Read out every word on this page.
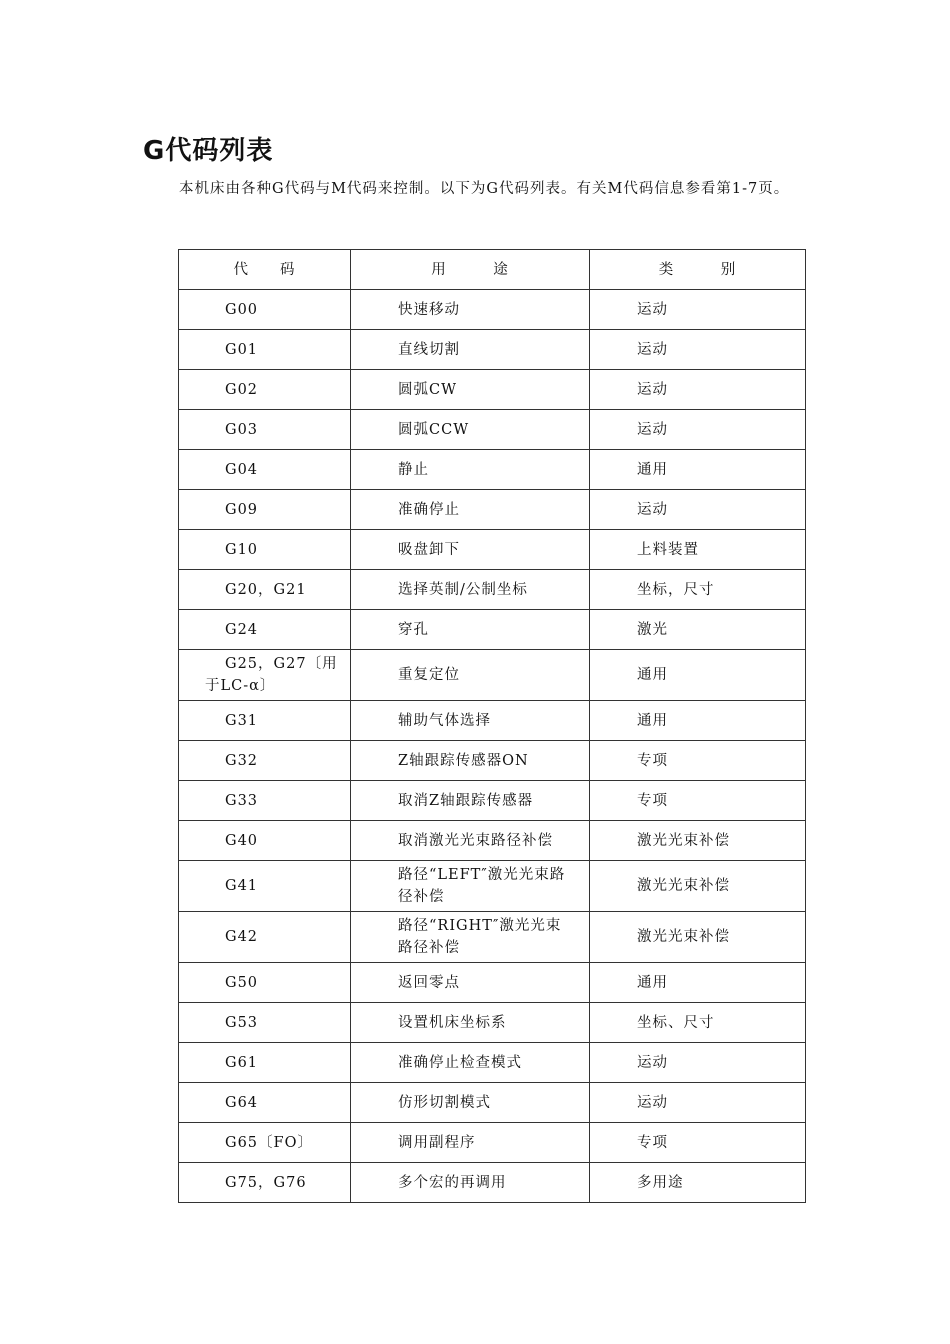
G代码列表

本机床由各种G代码与M代码来控制。以下为G代码列表。有关M代码信息参看第1-7页。

代　　码	用　　　途	类　　　别
G00	快速移动	运动
G01	直线切割	运动
G02	圆弧CW	运动
G03	圆弧CCW	运动
G04	静止	通用
G09	准确停止	运动
G10	吸盘卸下	上料装置
G20，G21	选择英制/公制坐标	坐标，尺寸
G24	穿孔	激光
G25，G27〔用于LC-α〕	重复定位	通用
G31	辅助气体选择	通用
G32	Z轴跟踪传感器ON	专项
G33	取消Z轴跟踪传感器	专项
G40	取消激光光束路径补偿	激光光束补偿
G41	路径“LEFT″激光光束路径补偿	激光光束补偿
G42	路径“RIGHT″激光光束路径补偿	激光光束补偿
G50	返回零点	通用
G53	设置机床坐标系	坐标、尺寸
G61	准确停止检查模式	运动
G64	仿形切割模式	运动
G65〔FO〕	调用副程序	专项
G75，G76	多个宏的再调用	多用途
